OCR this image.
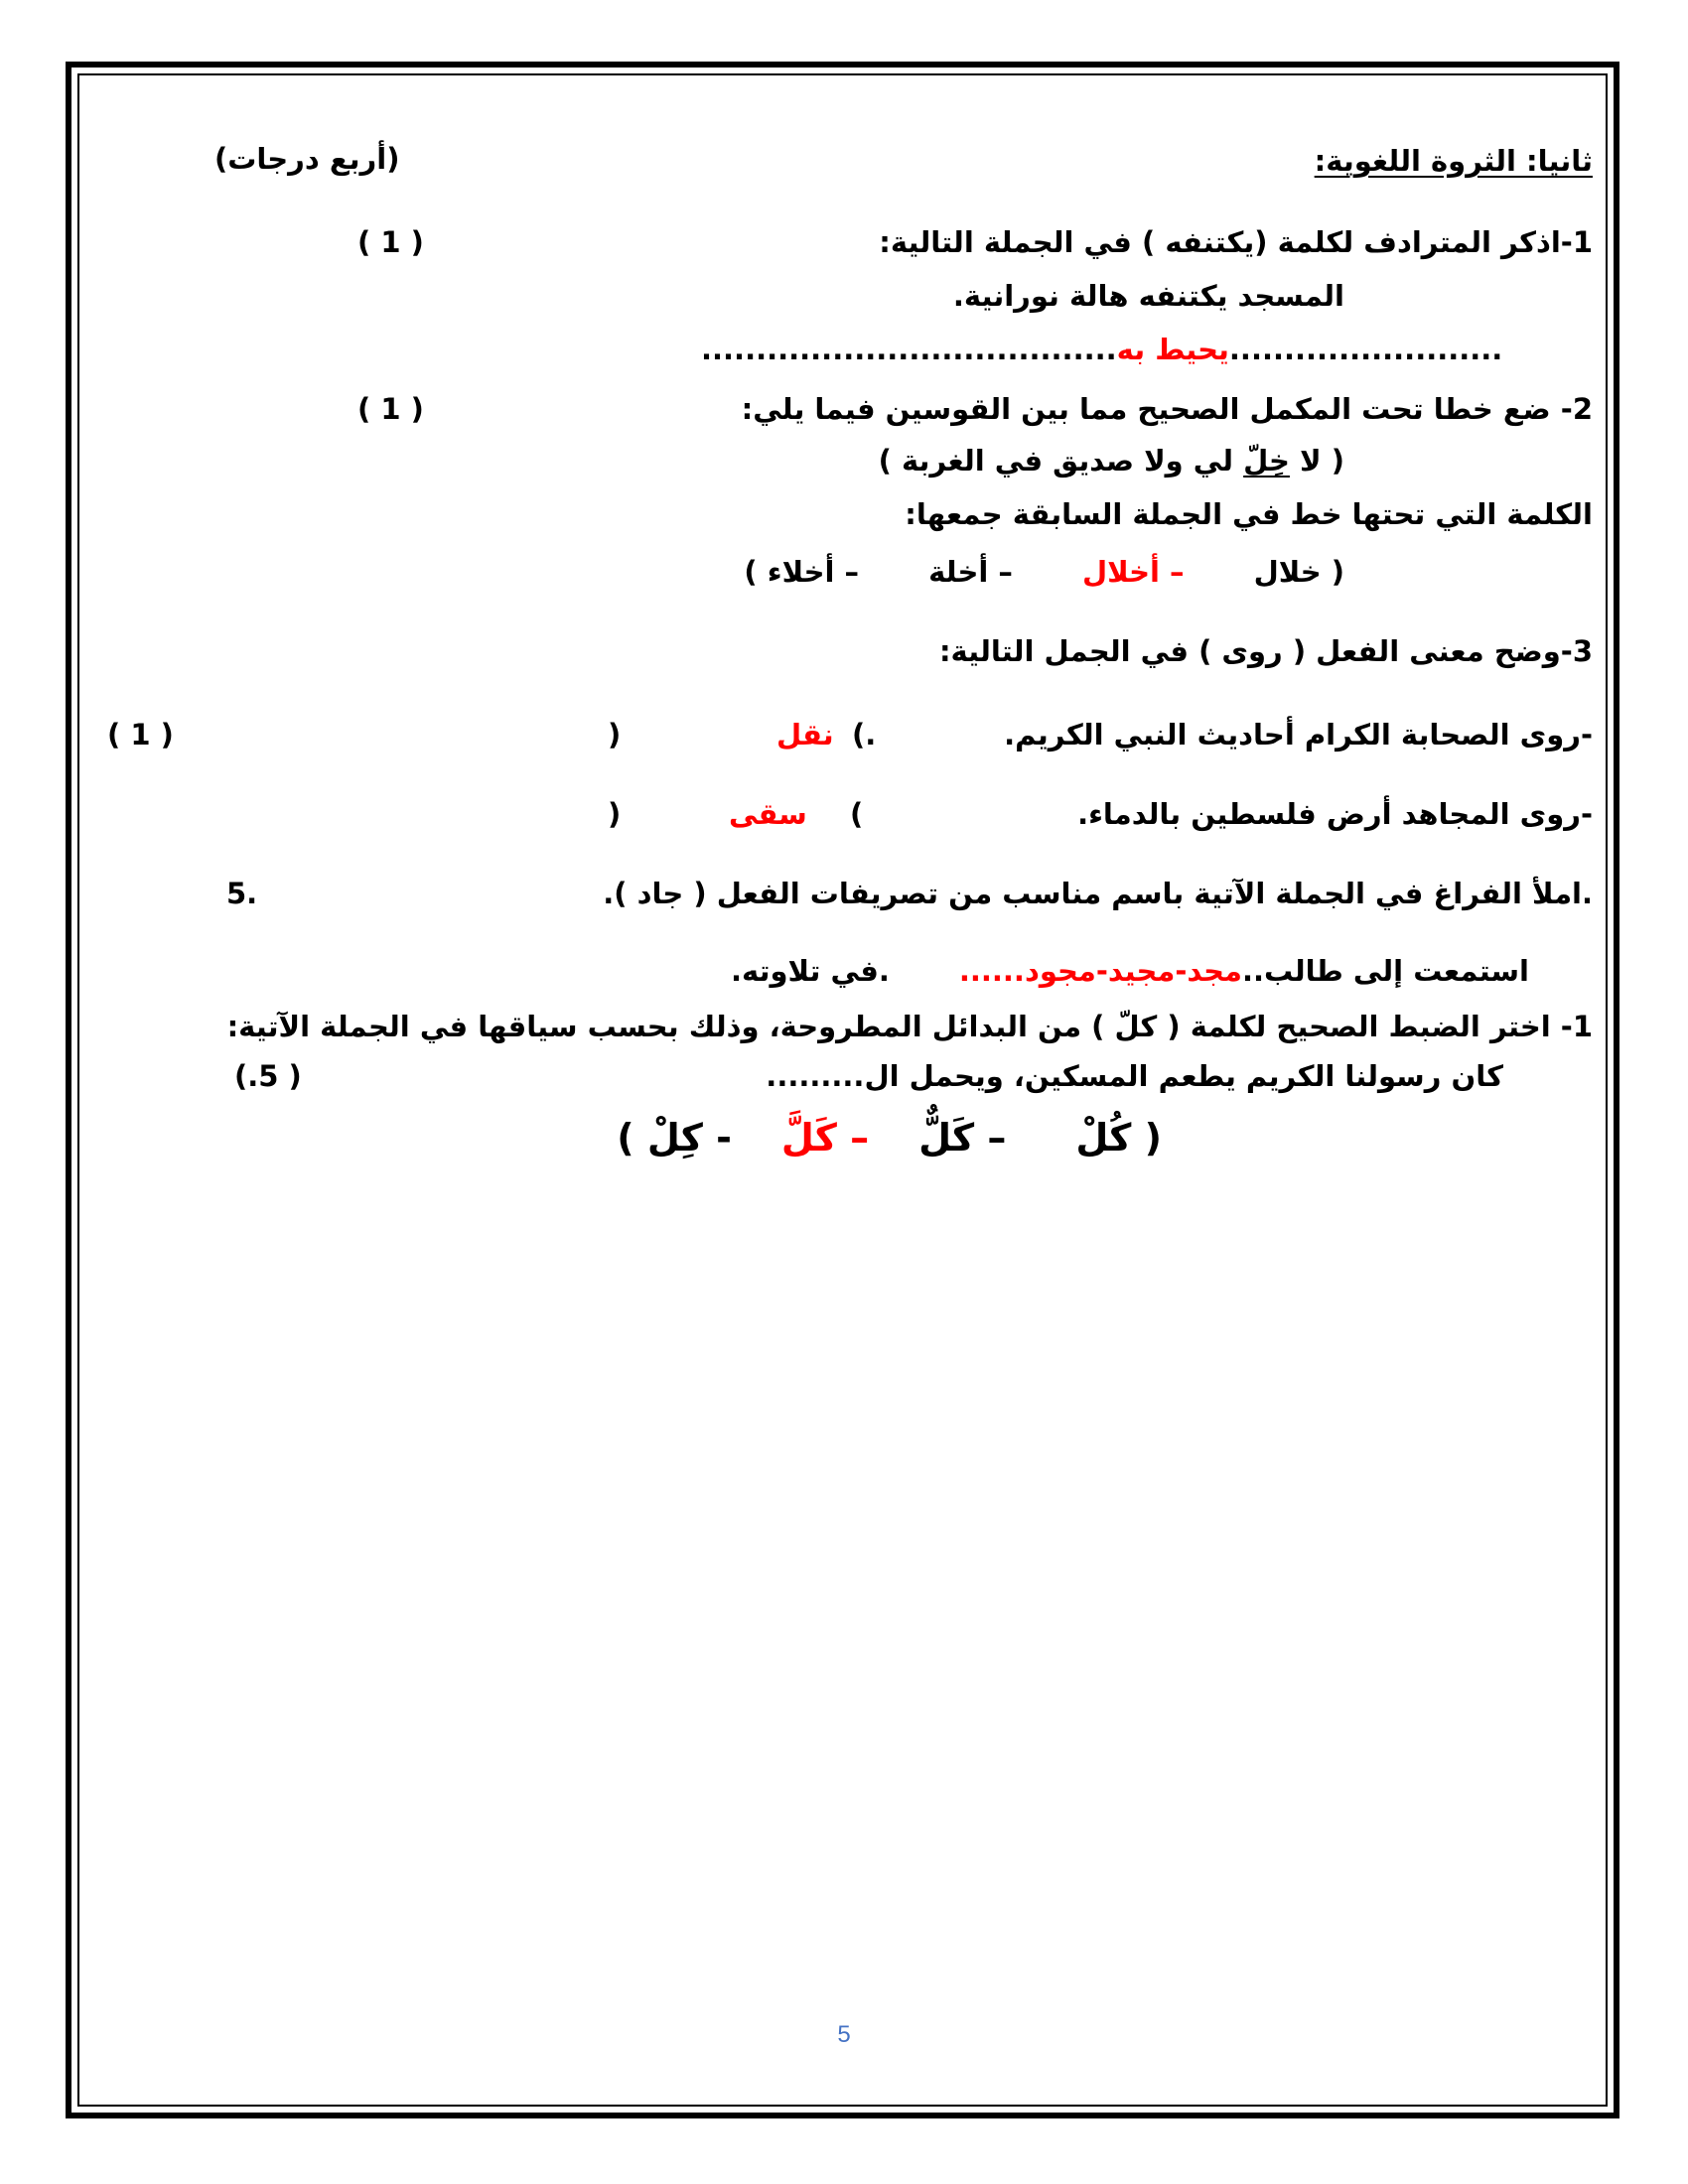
ثانيا: الثروة اللغوية:
(أربع درجات)
1-اذكر المترادف لكلمة (يكتنفه ) في الجملة التالية:
( 1 )
المسجد يكتنفه هالة نورانية.
......................................يحيط به.........................
2- ضع خطا تحت المكمل الصحيح مما بين القوسين فيما يلي:
( 1 )
( لا خِلّ لي ولا صديق في الغربة )
الكلمة التي تحتها خط في الجملة السابقة جمعها:
( خلال– أخلال– أخلة– أخلاء )
3-وضح معنى الفعل ( روى ) في الجمل التالية:
-روى الصحابة الكرام أحاديث النبي الكريم.
(.
نقل
)
( 1 )
-روى المجاهد أرض فلسطين بالدماء.
(
سقى
)
.املأ الفراغ في الجملة الآتية باسم مناسب من تصريفات الفعل ( جاد ).
5.
استمعت إلى طالب..مجد-مجيد-مجود.......في تلاوته.
1- اختر الضبط الصحيح لكلمة ( كلّ ) من البدائل المطروحة، وذلك بحسب سياقها في الجملة الآتية:
كان رسولنا الكريم يطعم المسكين، ويحمل ال.........
(.5 )
( كُلْ– كَلٌّ– كَلَّ- كِلْ )
5
